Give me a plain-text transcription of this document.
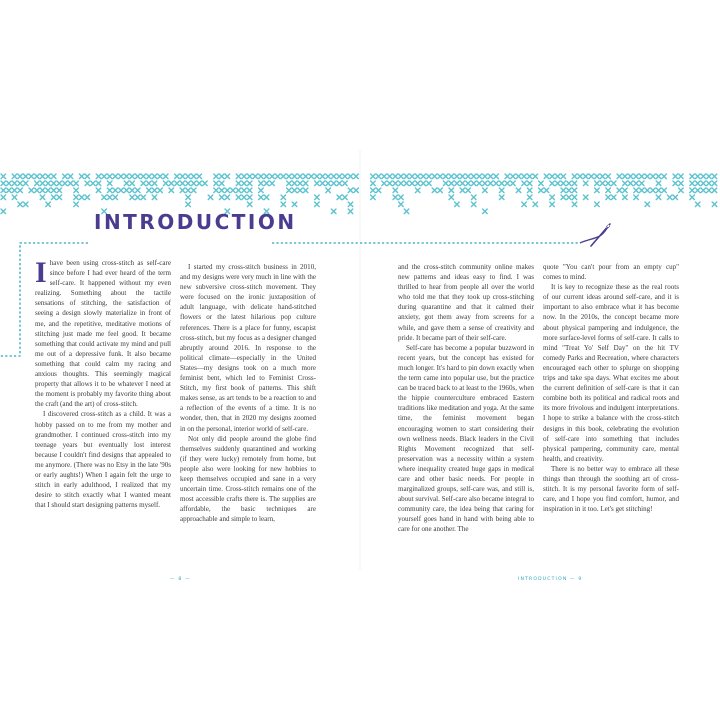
INTRODUCTION

I have been using cross-stitch as self-care since before I had ever heard of the term self-care. It happened without my even realizing. Something about the tactile sensations of stitching, the satisfaction of seeing a design slowly materialize in front of me, and the repetitive, meditative motions of stitching just made me feel good. It became something that could activate my mind and pull me out of a depressive funk. It also became something that could calm my racing and anxious thoughts. This seemingly magical property that allows it to be whatever I need at the moment is probably my favorite thing about the craft (and the art) of cross-stitch.

I discovered cross-stitch as a child. It was a hobby passed on to me from my mother and grandmother. I continued cross-stitch into my teenage years but eventually lost interest because I couldn't find designs that appealed to me anymore. (There was no Etsy in the late '90s or early aughts!) When I again felt the urge to stitch in early adulthood, I realized that my desire to stitch exactly what I wanted meant that I should start designing patterns myself.

I started my cross-stitch business in 2010, and my designs were very much in line with the new subversive cross-stitch movement. They were focused on the ironic juxtaposition of adult language, with delicate hand-stitched flowers or the latest hilarious pop culture references. There is a place for funny, escapist cross-stitch, but my focus as a designer changed abruptly around 2016. In response to the political climate—especially in the United States—my designs took on a much more feminist bent, which led to Feminist Cross-Stitch, my first book of patterns. This shift makes sense, as art tends to be a reaction to and a reflection of the events of a time. It is no wonder, then, that in 2020 my designs zoomed in on the personal, interior world of self-care.

Not only did people around the globe find themselves suddenly quarantined and working (if they were lucky) remotely from home, but people also were looking for new hobbies to keep themselves occupied and sane in a very uncertain time. Cross-stitch remains one of the most accessible crafts there is. The supplies are affordable, the basic techniques are approachable and simple to learn,

and the cross-stitch community online makes new patterns and ideas easy to find. I was thrilled to hear from people all over the world who told me that they took up cross-stitching during quarantine and that it calmed their anxiety, got them away from screens for a while, and gave them a sense of creativity and pride. It became part of their self-care.

Self-care has become a popular buzzword in recent years, but the concept has existed for much longer. It's hard to pin down exactly when the term came into popular use, but the practice can be traced back to at least to the 1960s, when the hippie counterculture embraced Eastern traditions like meditation and yoga. At the same time, the feminist movement began encouraging women to start considering their own wellness needs. Black leaders in the Civil Rights Movement recognized that self-preservation was a necessity within a system where inequality created huge gaps in medical care and other basic needs. For people in marginalized groups, self-care was, and still is, about survival. Self-care also became integral to community care, the idea being that caring for yourself goes hand in hand with being able to care for one another. The

quote "You can't pour from an empty cup" comes to mind.

It is key to recognize these as the real roots of our current ideas around self-care, and it is important to also embrace what it has become now. In the 2010s, the concept became more about physical pampering and indulgence, the more surface-level forms of self-care. It calls to mind "Treat Yo' Self Day" on the hit TV comedy Parks and Recreation, where characters encouraged each other to splurge on shopping trips and take spa days. What excites me about the current definition of self-care is that it can combine both its political and radical roots and its more frivolous and indulgent interpretations. I hope to strike a balance with the cross-stitch designs in this book, celebrating the evolution of self-care into something that includes physical pampering, community care, mental health, and creativity.

There is no better way to embrace all these things than through the soothing art of cross-stitch. It is my personal favorite form of self-care, and I hope you find comfort, humor, and inspiration in it too. Let's get stitching!

— 8 —	INTRODUCTION — 9
